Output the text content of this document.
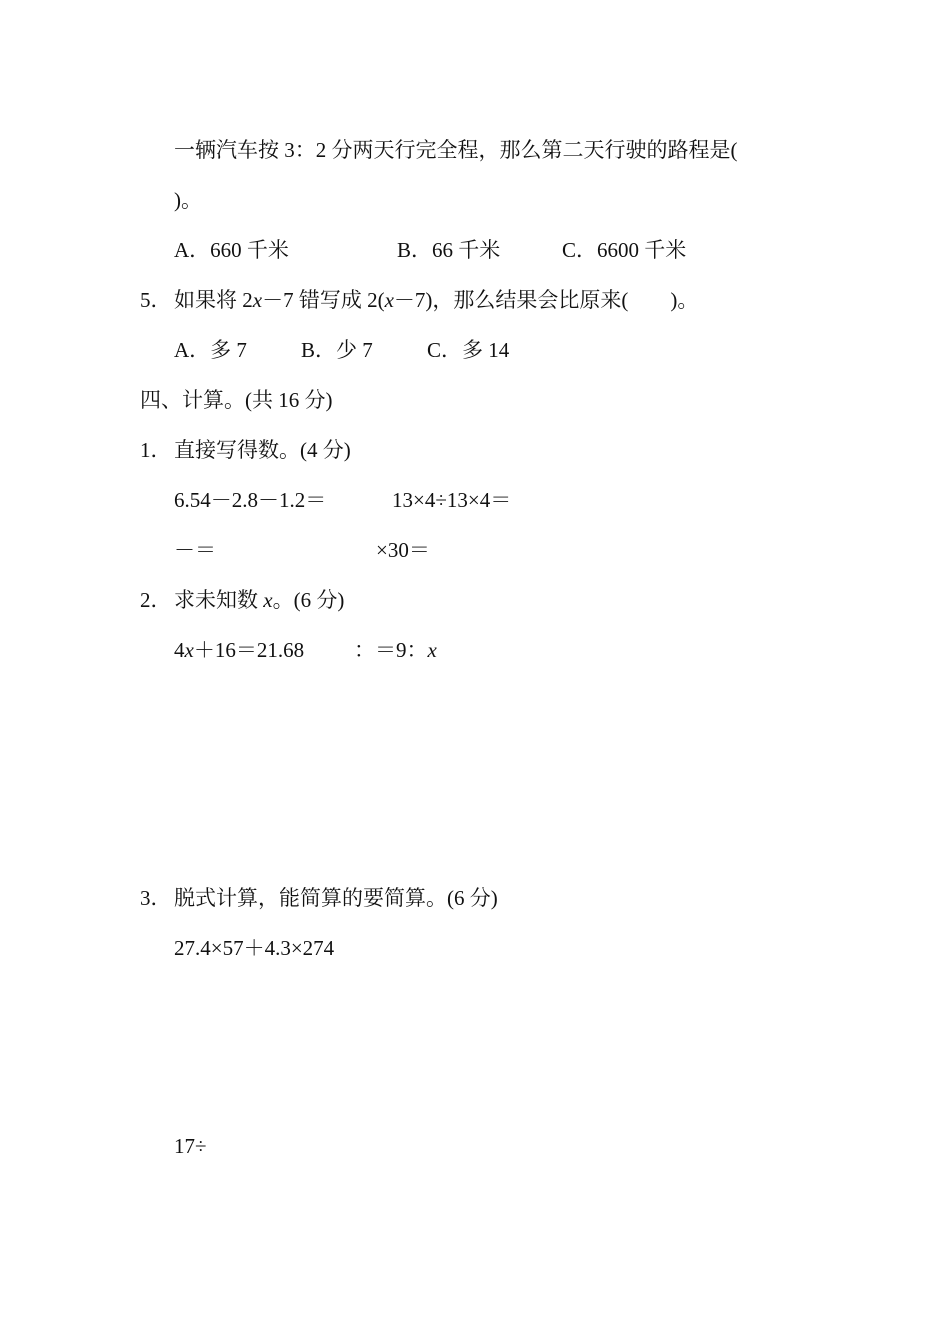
一辆汽车按 3：2 分两天行完全程，那么第二天行驶的路程是(
)。
A．660 千米	B．66 千米	C．6600 千米
5． 如果将 2x－7 错写成 2(x－7)，那么结果会比原来(　　)。
A．多 7	B．少 7	C．多 14
四、计算。(共 16 分)
1． 直接写得数。(4 分)
6.54－2.8－1.2＝	13×4÷13×4＝
－＝	×30＝
2． 求未知数 x。(6 分)
4x＋16＝21.68 ：＝9：x
3． 脱式计算，能简算的要简算。(6 分)
27.4×57＋4.3×274
17÷
